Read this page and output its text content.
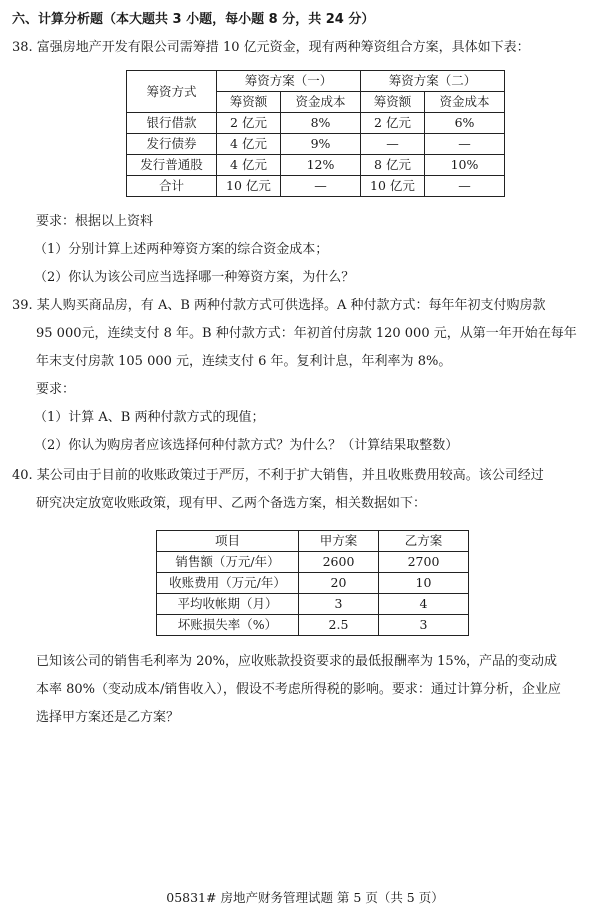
六、计算分析题（本大题共 3 小题，每小题 8 分，共 24 分）
38. 富强房地产开发有限公司需筹措 10 亿元资金，现有两种筹资组合方案，具体如下表：
筹资方式	筹资方案（一）		筹资方案（二）	
	筹资额	资金成本	筹资额	资金成本
银行借款	2 亿元	8%	2 亿元	6%
发行债券	4 亿元	9%	—	—
发行普通股	4 亿元	12%	8 亿元	10%
合计	10 亿元	—	10 亿元	—
要求：根据以上资料
（1）分别计算上述两种筹资方案的综合资金成本；
（2）你认为该公司应当选择哪一种筹资方案，为什么？
39. 某人购买商品房，有 A、B 两种付款方式可供选择。A 种付款方式：每年年初支付购房款
95 000元，连续支付 8 年。B 种付款方式：年初首付房款 120 000 元，从第一年开始在每年
年末支付房款 105 000 元，连续支付 6 年。复利计息，年利率为 8%。
要求：
（1）计算 A、B 两种付款方式的现值；
（2）你认为购房者应该选择何种付款方式？为什么？（计算结果取整数）
40. 某公司由于目前的收账政策过于严厉，不利于扩大销售，并且收账费用较高。该公司经过
研究决定放宽收账政策，现有甲、乙两个备选方案，相关数据如下：
项目	甲方案	乙方案
销售额（万元/年）	2600	2700
收账费用（万元/年）	20	10
平均收帐期（月）	3	4
坏账损失率（%）	2.5	3
已知该公司的销售毛利率为 20%，应收账款投资要求的最低报酬率为 15%，产品的变动成
本率 80%（变动成本/销售收入），假设不考虑所得税的影响。要求：通过计算分析，企业应
选择甲方案还是乙方案？
05831# 房地产财务管理试题 第 5 页（共 5 页）
